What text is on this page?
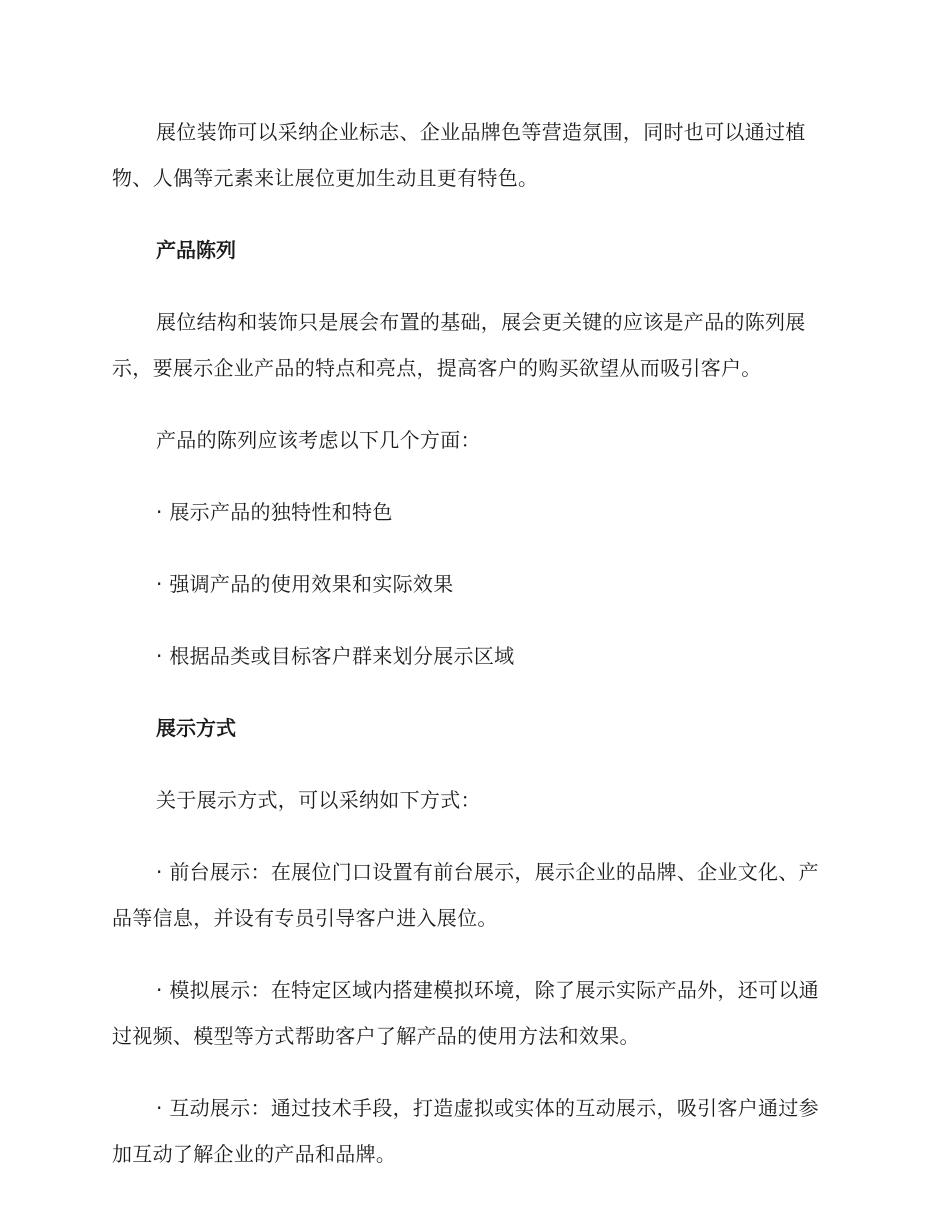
展位装饰可以采纳企业标志、企业品牌色等营造氛围，同时也可以通过植物、人偶等元素来让展位更加生动且更有特色。

产品陈列

展位结构和装饰只是展会布置的基础，展会更关键的应该是产品的陈列展示，要展示企业产品的特点和亮点，提高客户的购买欲望从而吸引客户。

产品的陈列应该考虑以下几个方面：

· 展示产品的独特性和特色

· 强调产品的使用效果和实际效果

· 根据品类或目标客户群来划分展示区域

展示方式

关于展示方式，可以采纳如下方式：

· 前台展示：在展位门口设置有前台展示，展示企业的品牌、企业文化、产品等信息，并设有专员引导客户进入展位。

· 模拟展示：在特定区域内搭建模拟环境，除了展示实际产品外，还可以通过视频、模型等方式帮助客户了解产品的使用方法和效果。

· 互动展示：通过技术手段，打造虚拟或实体的互动展示，吸引客户通过参加互动了解企业的产品和品牌。
